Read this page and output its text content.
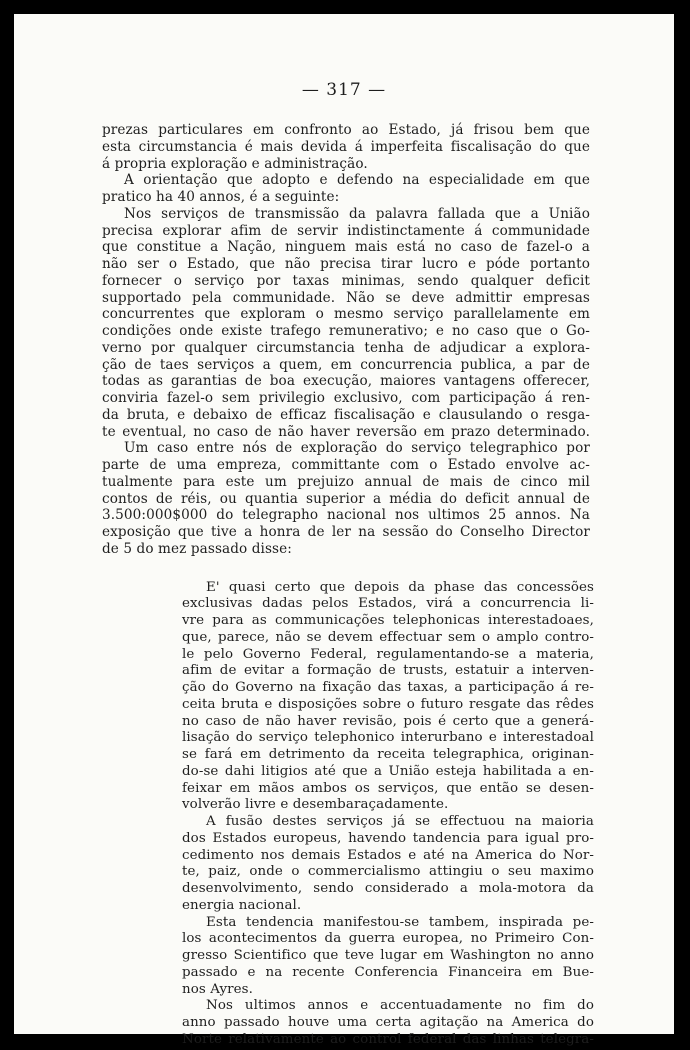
— 317 —

prezas particulares em confronto ao Estado, já frisou bem que
esta circumstancia é mais devida á imperfeita fiscalisação do que
á propria exploração e administração.
A orientação que adopto e defendo na especialidade em que
pratico ha 40 annos, é a seguinte:
Nos serviços de transmissão da palavra fallada que a União
precisa explorar afim de servir indistinctamente á communidade
que constitue a Nação, ninguem mais está no caso de fazel-o a
não ser o Estado, que não precisa tirar lucro e póde portanto
fornecer o serviço por taxas minimas, sendo qualquer deficit
supportado pela communidade. Não se deve admittir empresas
concurrentes que exploram o mesmo serviço parallelamente em
condições onde existe trafego remunerativo; e no caso que o Go-
verno por qualquer circumstancia tenha de adjudicar a explora-
ção de taes serviços a quem, em concurrencia publica, a par de
todas as garantias de boa execução, maiores vantagens offerecer,
conviria fazel-o sem privilegio exclusivo, com participação á ren-
da bruta, e debaixo de efficaz fiscalisação e clausulando o resga-
te eventual, no caso de não haver reversão em prazo determinado.
Um caso entre nós de exploração do serviço telegraphico por
parte de uma empreza, committante com o Estado envolve ac-
tualmente para este um prejuizo annual de mais de cinco mil
contos de réis, ou quantia superior a média do deficit annual de
3.500:000$000 do telegrapho nacional nos ultimos 25 annos. Na
exposição que tive a honra de ler na sessão do Conselho Director
de 5 do mez passado disse:
E' quasi certo que depois da phase das concessões
exclusivas dadas pelos Estados, virá a concurrencia li-
vre para as communicações telephonicas interestadoaes,
que, parece, não se devem effectuar sem o amplo contro-
le pelo Governo Federal, regulamentando-se a materia,
afim de evitar a formação de trusts, estatuir a interven-
ção do Governo na fixação das taxas, a participação á re-
ceita bruta e disposições sobre o futuro resgate das rêdes
no caso de não haver revisão, pois é certo que a generá-
lisação do serviço telephonico interurbano e interestadoal
se fará em detrimento da receita telegraphica, originan-
do-se dahi litigios até que a União esteja habilitada a en-
feixar em mãos ambos os serviços, que então se desen-
volverão livre e desembaraçadamente.
A fusão destes serviços já se effectuou na maioria
dos Estados europeus, havendo tandencia para igual pro-
cedimento nos demais Estados e até na America do Nor-
te, paiz, onde o commercialismo attingiu o seu maximo
desenvolvimento, sendo considerado a mola-motora da
energia nacional.
Esta tendencia manifestou-se tambem, inspirada pe-
los acontecimentos da guerra europea, no Primeiro Con-
gresso Scientifico que teve lugar em Washington no anno
passado e na recente Conferencia Financeira em Bue-
nos Ayres.
Nos ultimos annos e accentuadamente no fim do
anno passado houve uma certa agitação na America do
Norte relativamente ao control federal das linhas telegra-
